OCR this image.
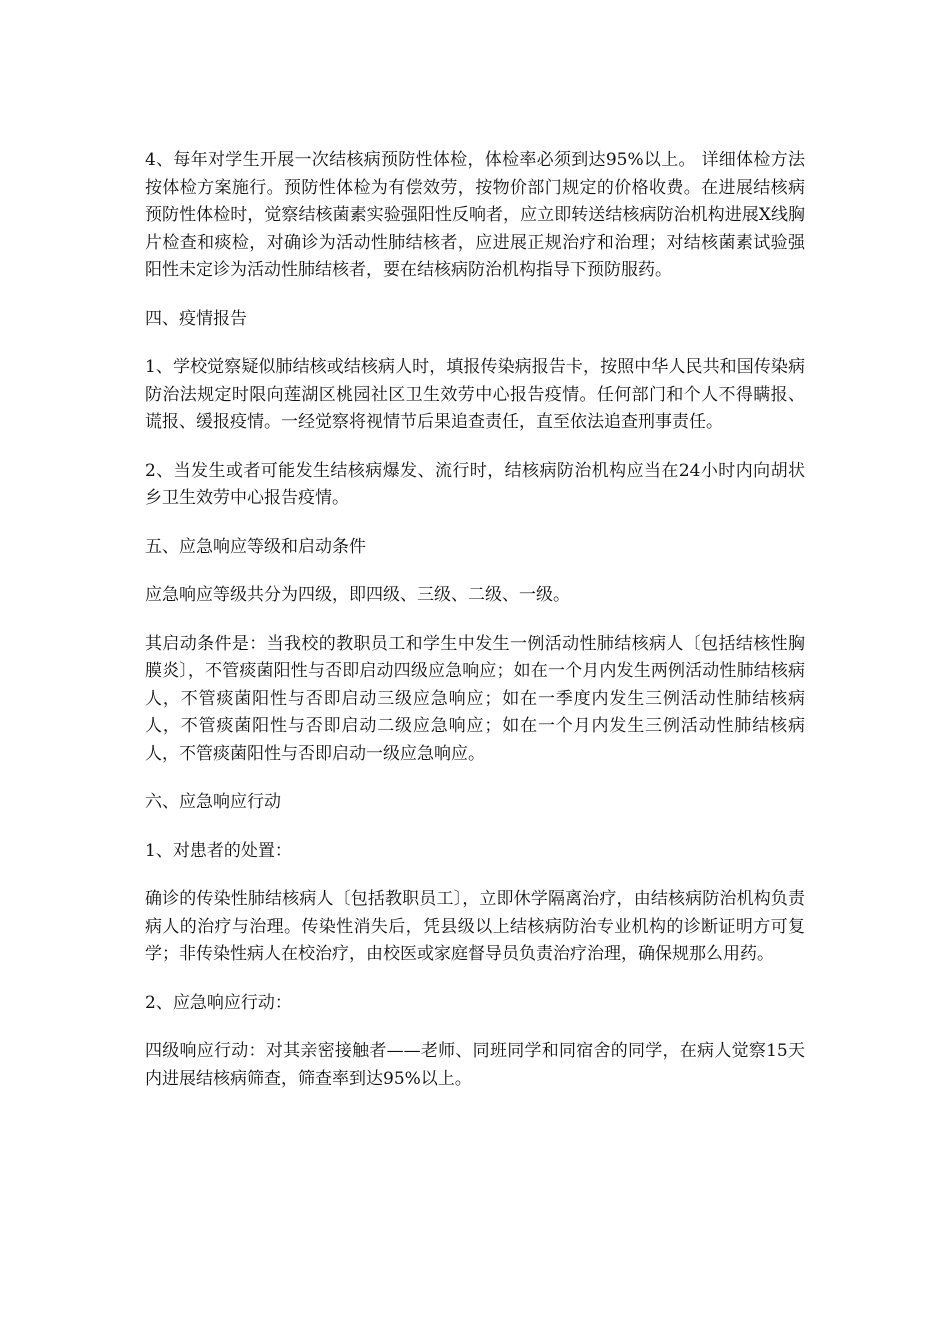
4、每年对学生开展一次结核病预防性体检，体检率必须到达95%以上。 详细体检方法按体检方案施行。预防性体检为有偿效劳，按物价部门规定的价格收费。在进展结核病预防性体检时，觉察结核菌素实验强阳性反响者，应立即转送结核病防治机构进展X线胸片检查和痰检，对确诊为活动性肺结核者，应进展正规治疗和治理；对结核菌素试验强阳性未定诊为活动性肺结核者，要在结核病防治机构指导下预防服药。

四、疫情报告

1、学校觉察疑似肺结核或结核病人时，填报传染病报告卡，按照中华人民共和国传染病防治法规定时限向莲湖区桃园社区卫生效劳中心报告疫情。任何部门和个人不得瞒报、谎报、缓报疫情。一经觉察将视情节后果追查责任，直至依法追查刑事责任。

2、当发生或者可能发生结核病爆发、流行时，结核病防治机构应当在24小时内向胡状乡卫生效劳中心报告疫情。

五、应急响应等级和启动条件

应急响应等级共分为四级，即四级、三级、二级、一级。

其启动条件是：当我校的教职员工和学生中发生一例活动性肺结核病人〔包括结核性胸膜炎〕，不管痰菌阳性与否即启动四级应急响应；如在一个月内发生两例活动性肺结核病人，不管痰菌阳性与否即启动三级应急响应；如在一季度内发生三例活动性肺结核病人，不管痰菌阳性与否即启动二级应急响应；如在一个月内发生三例活动性肺结核病人，不管痰菌阳性与否即启动一级应急响应。

六、应急响应行动

1、对患者的处置：

确诊的传染性肺结核病人〔包括教职员工〕，立即休学隔离治疗，由结核病防治机构负责病人的治疗与治理。传染性消失后，凭县级以上结核病防治专业机构的诊断证明方可复学；非传染性病人在校治疗，由校医或家庭督导员负责治疗治理，确保规那么用药。

2、应急响应行动：

四级响应行动：对其亲密接触者——老师、同班同学和同宿舍的同学，在病人觉察15天内进展结核病筛查，筛查率到达95%以上。
